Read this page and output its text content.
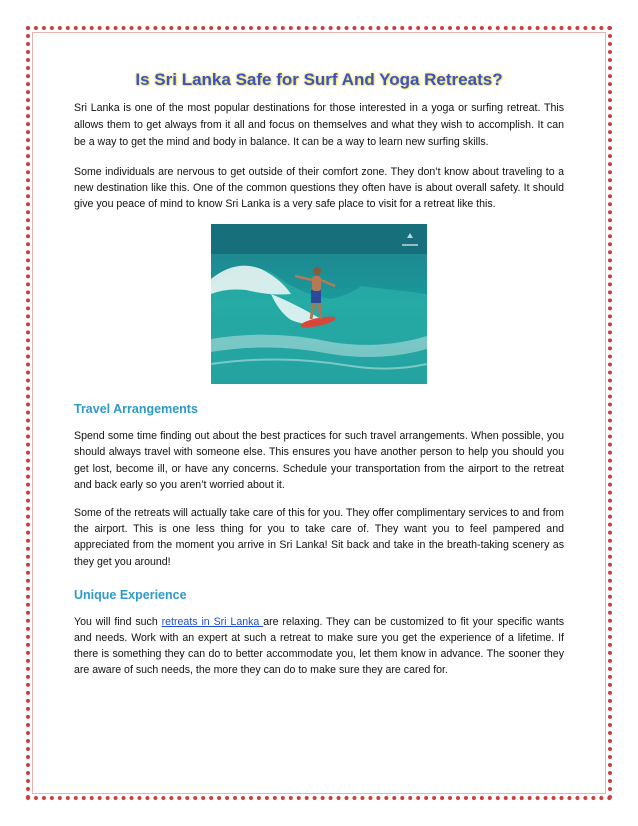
Is Sri Lanka Safe for Surf And Yoga Retreats?

Sri Lanka is one of the most popular destinations for those interested in a yoga or surfing retreat. This allows them to get always from it all and focus on themselves and what they wish to accomplish. It can be a way to get the mind and body in balance. It can be a way to learn new surfing skills.

Some individuals are nervous to get outside of their comfort zone. They don’t know about traveling to a new destination like this. One of the common questions they often have is about overall safety. It should give you peace of mind to know Sri Lanka is a very safe place to visit for a retreat like this.

Travel Arrangements

Spend some time finding out about the best practices for such travel arrangements. When possible, you should always travel with someone else. This ensures you have another person to help you should you get lost, become ill, or have any concerns. Schedule your transportation from the airport to the retreat and back early so you aren’t worried about it.

Some of the retreats will actually take care of this for you. They offer complimentary services to and from the airport. This is one less thing for you to take care of. They want you to feel pampered and appreciated from the moment you arrive in Sri Lanka! Sit back and take in the breath-taking scenery as they get you around!

Unique Experience

You will find such retreats in Sri Lanka are relaxing. They can be customized to fit your specific wants and needs. Work with an expert at such a retreat to make sure you get the experience of a lifetime. If there is something they can do to better accommodate you, let them know in advance. The sooner they are aware of such needs, the more they can do to make sure they are cared for.
